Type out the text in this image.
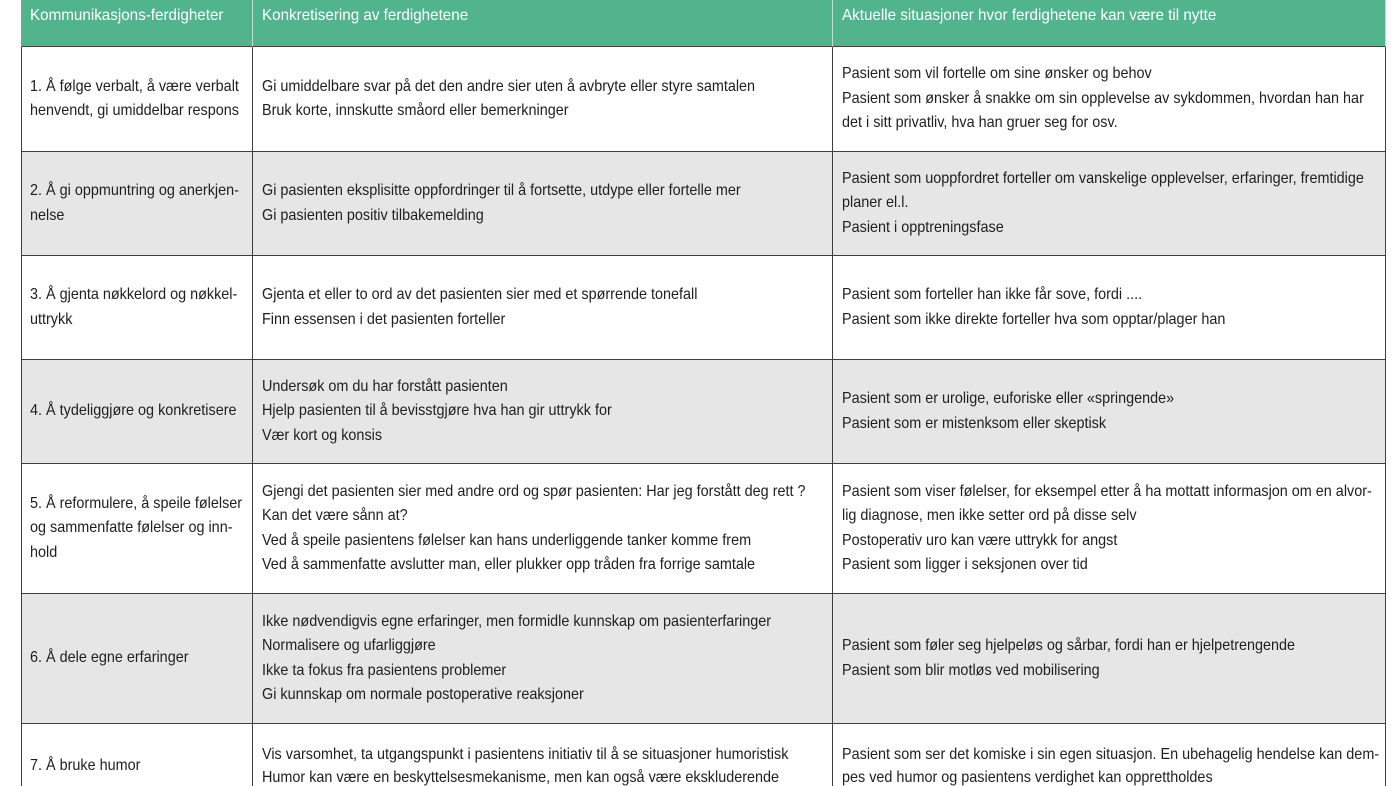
Kommunikasjons-ferdigheter Konkretisering av ferdighetene	Aktuelle situasjoner hvor ferdighetene kan være til nytte
1. Å følge verbalt, å være verbalt
henvendt, gi umiddelbar respons
Gi umiddelbare svar på det den andre sier uten å avbryte eller styre samtalen
Bruk korte, innskutte småord eller bemerkninger
Pasient som vil fortelle om sine ønsker og behov
Pasient som ønsker å snakke om sin opplevelse av sykdommen, hvordan han har
det i sitt privatliv, hva han gruer seg for osv.
2. Å gi oppmuntring og anerkjen-
nelse
Gi pasienten eksplisitte oppfordringer til å fortsette, utdype eller fortelle mer
Gi pasienten positiv tilbakemelding
Pasient som uoppfordret forteller om vanskelige opplevelser, erfaringer, fremtidige
planer el.l.
Pasient i opptreningsfase
3. Å gjenta nøkkelord og nøkkel-
uttrykk
Gjenta et eller to ord av det pasienten sier med et spørrende tonefall
Finn essensen i det pasienten forteller
Pasient som forteller han ikke får sove, fordi ....
Pasient som ikke direkte forteller hva som opptar/plager han
4. Å tydeliggjøre og konkretisere
Undersøk om du har forstått pasienten
Hjelp pasienten til å bevisstgjøre hva han gir uttrykk for
Vær kort og konsis
Pasient som er urolige, euforiske eller «springende»
Pasient som er mistenksom eller skeptisk
5. Å reformulere, å speile følelser
og sammenfatte følelser og inn-
hold
Gjengi det pasienten sier med andre ord og spør pasienten: Har jeg forstått deg rett ?
Kan det være sånn at?
Ved å speile pasientens følelser kan hans underliggende tanker komme frem
Ved å sammenfatte avslutter man, eller plukker opp tråden fra forrige samtale
Pasient som viser følelser, for eksempel etter å ha mottatt informasjon om en alvor-
lig diagnose, men ikke setter ord på disse selv
Postoperativ uro kan være uttrykk for angst
Pasient som ligger i seksjonen over tid
6. Å dele egne erfaringer
Ikke nødvendigvis egne erfaringer, men formidle kunnskap om pasienterfaringer
Normalisere og ufarliggjøre
Ikke ta fokus fra pasientens problemer
Gi kunnskap om normale postoperative reaksjoner
Pasient som føler seg hjelpeløs og sårbar, fordi han er hjelpetrengende
Pasient som blir motløs ved mobilisering
7. Å bruke humor
Vis varsomhet, ta utgangspunkt i pasientens initiativ til å se situasjoner humoristisk
Humor kan være en beskyttelsesmekanisme, men kan også være ekskluderende
Pasient som ser det komiske i sin egen situasjon. En ubehagelig hendelse kan dem-
pes ved humor og pasientens verdighet kan opprettholdes
